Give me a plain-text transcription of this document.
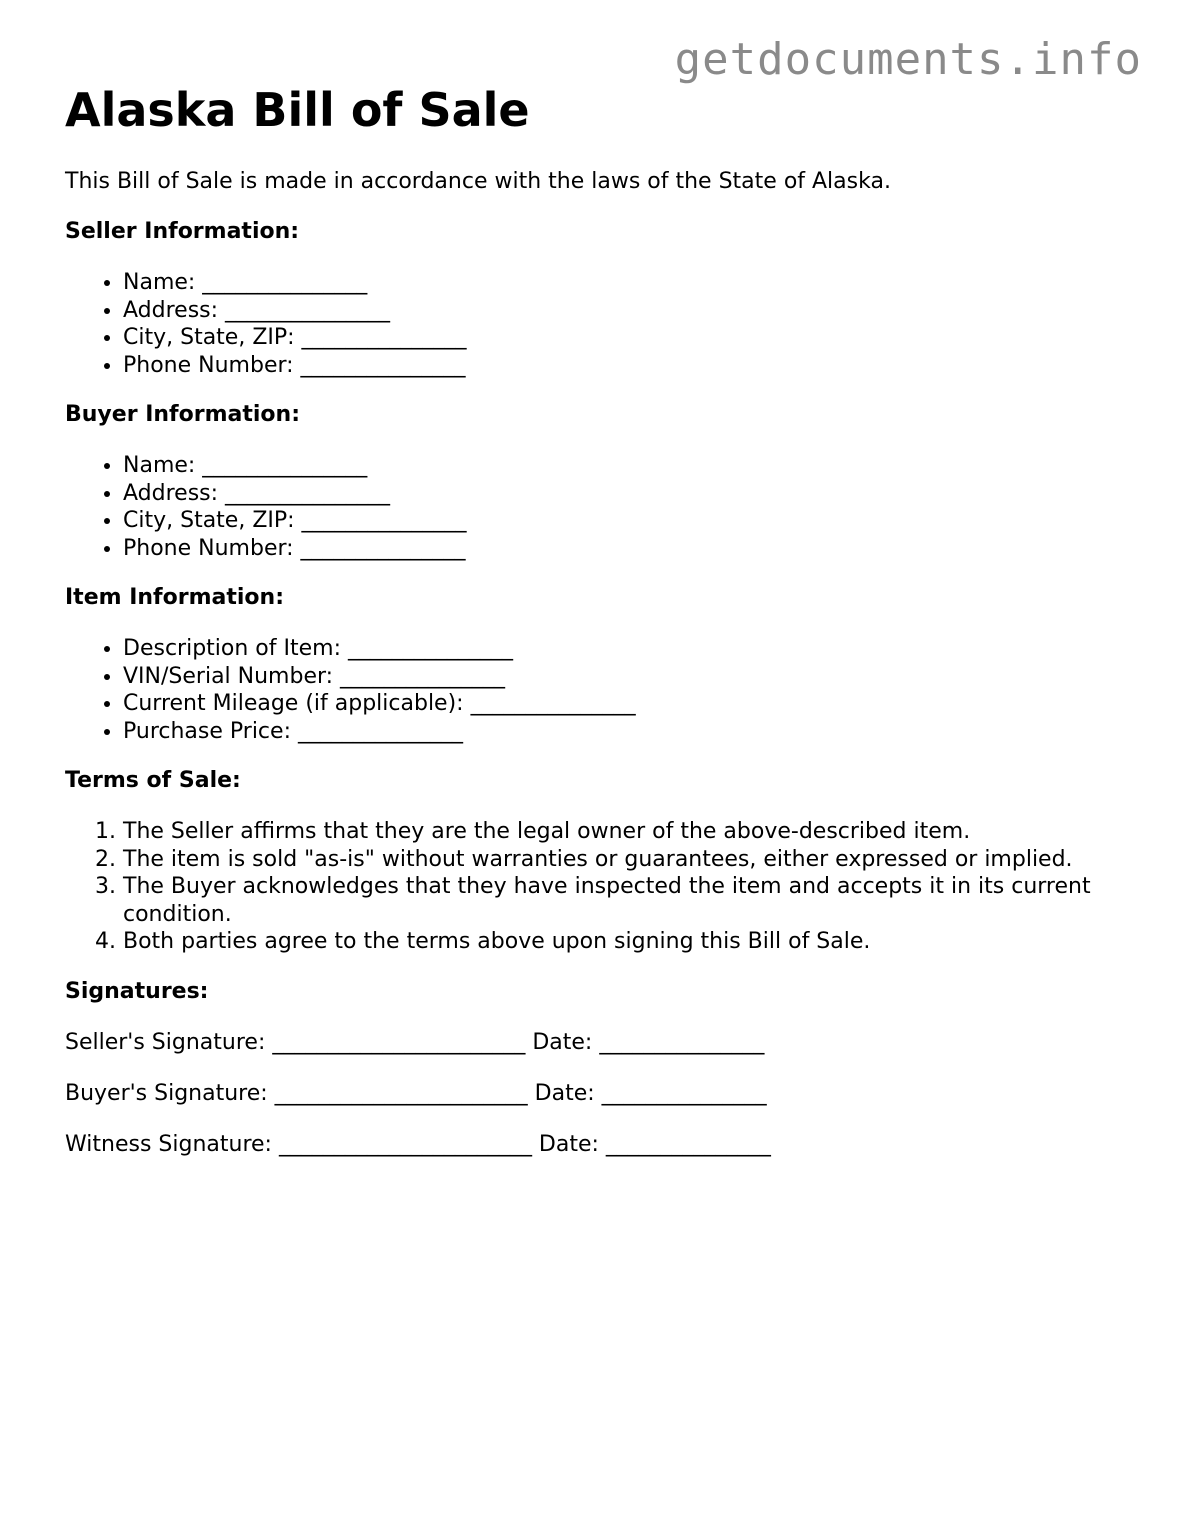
getdocuments.info
Alaska Bill of Sale

This Bill of Sale is made in accordance with the laws of the State of Alaska.

Seller Information:
• Name: _______________
• Address: _______________
• City, State, ZIP: _______________
• Phone Number: _______________
Buyer Information:
• Name: _______________
• Address: _______________
• City, State, ZIP: _______________
• Phone Number: _______________
Item Information:
• Description of Item: _______________
• VIN/Serial Number: _______________
• Current Mileage (if applicable): _______________
• Purchase Price: _______________
Terms of Sale:
1. The Seller affirms that they are the legal owner of the above-described item.
2. The item is sold "as-is" without warranties or guarantees, either expressed or implied.
3. The Buyer acknowledges that they have inspected the item and accepts it in its current condition.
4. Both parties agree to the terms above upon signing this Bill of Sale.
Signatures:
Seller's Signature: _______________________ Date: _______________
Buyer's Signature: _______________________ Date: _______________
Witness Signature: _______________________ Date: _______________
